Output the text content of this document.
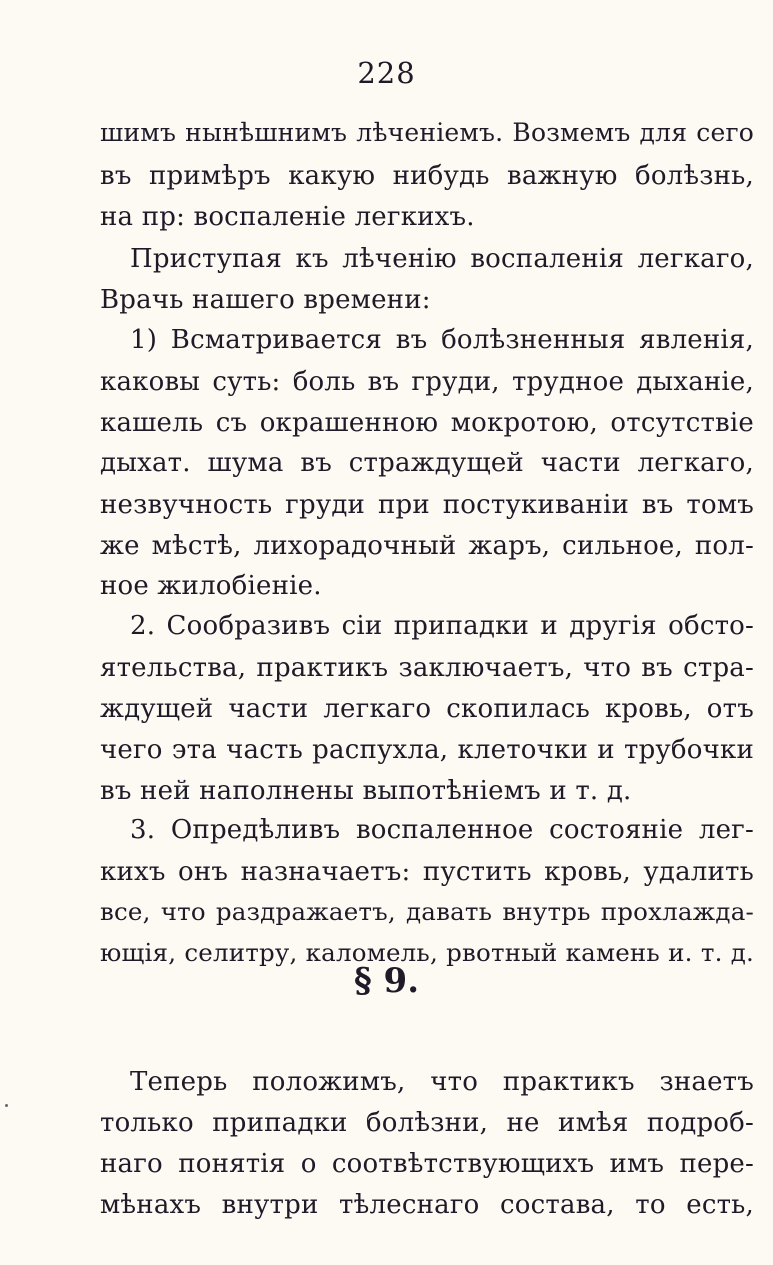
228
шимъ нынѣшнимъ лѣченіемъ. Возмемъ для сего
въ примѣръ какую нибудь важную болѣзнь,
на пр: воспаленіе легкихъ.
Приступая къ лѣченію воспаленія легкаго,
Врачь нашего времени:
1) Всматривается въ болѣзненныя явленія,
каковы суть: боль въ груди, трудное дыханіе,
кашель съ окрашенною мокротою, отсутствіе
дыхат. шума въ страждущей части легкаго,
незвучность груди при постукиваніи въ томъ
же мѣстѣ, лихорадочный жаръ, сильное, пол-
ное жилобіеніе.
2. Сообразивъ сіи припадки и другія обсто-
ятельства, практикъ заключаетъ, что въ стра-
ждущей части легкаго скопилась кровь, отъ
чего эта часть распухла, клеточки и трубочки
въ ней наполнены выпотѣніемъ и т. д.
3. Опредѣливъ воспаленное состояніе лег-
кихъ онъ назначаетъ: пустить кровь, удалить
все, что раздражаетъ, давать внутрь прохлажда-
ющія, селитру, каломель, рвотный камень и. т. д.
§ 9.
Теперь положимъ, что практикъ знаетъ
только припадки болѣзни, не имѣя подроб-
наго понятія о соотвѣтствующихъ имъ пере-
мѣнахъ внутри тѣлеснаго состава, то есть,
